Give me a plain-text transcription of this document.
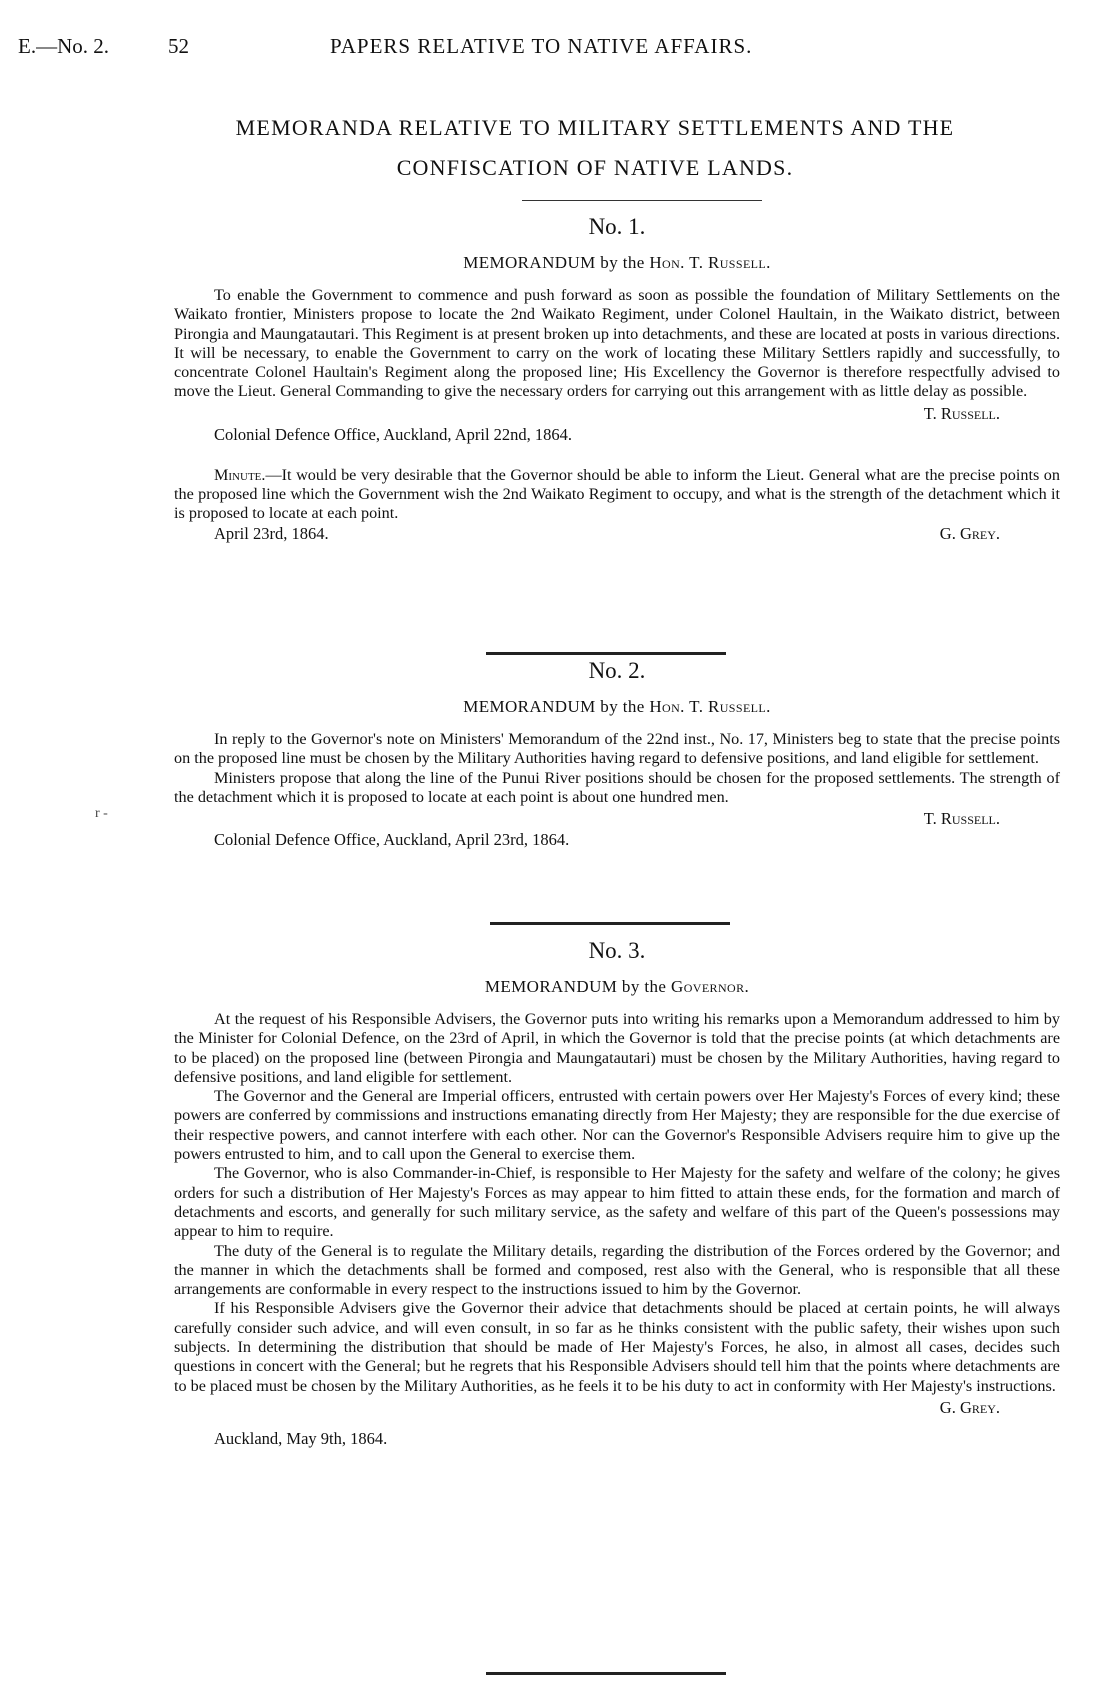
E.—No. 2.	52	PAPERS RELATIVE TO NATIVE AFFAIRS.
MEMORANDA RELATIVE TO MILITARY SETTLEMENTS AND THE
CONFISCATION OF NATIVE LANDS.

No. 1.

MEMORANDUM by the Hon. T. Russell.

To enable the Government to commence and push forward as soon as possible the foundation of Military Settlements on the Waikato frontier, Ministers propose to locate the 2nd Waikato Regiment, under Colonel Haultain, in the Waikato district, between Pirongia and Maungatautari. This Regiment is at present broken up into detachments, and these are located at posts in various directions. It will be necessary, to enable the Government to carry on the work of locating these Military Settlers rapidly and successfully, to concentrate Colonel Haultain's Regiment along the proposed line; His Excellency the Governor is therefore respectfully advised to move the Lieut. General Commanding to give the necessary orders for carrying out this arrangement with as little delay as possible.

T. Russell.
Colonial Defence Office, Auckland, April 22nd, 1864.

Minute.—It would be very desirable that the Governor should be able to inform the Lieut. General what are the precise points on the proposed line which the Government wish the 2nd Waikato Regiment to occupy, and what is the strength of the detachment which it is proposed to locate at each point.

April 23rd, 1864.	G. Grey.

No. 2.

MEMORANDUM by the Hon. T. Russell.

In reply to the Governor's note on Ministers' Memorandum of the 22nd inst., No. 17, Ministers beg to state that the precise points on the proposed line must be chosen by the Military Authorities having regard to defensive positions, and land eligible for settlement.

Ministers propose that along the line of the Punui River positions should be chosen for the proposed settlements. The strength of the detachment which it is proposed to locate at each point is about one hundred men.

T. Russell.
Colonial Defence Office, Auckland, April 23rd, 1864.
r -

No. 3.

MEMORANDUM by the Governor.

At the request of his Responsible Advisers, the Governor puts into writing his remarks upon a Memorandum addressed to him by the Minister for Colonial Defence, on the 23rd of April, in which the Governor is told that the precise points (at which detachments are to be placed) on the proposed line (between Pirongia and Maungatautari) must be chosen by the Military Authorities, having regard to defensive positions, and land eligible for settlement.

The Governor and the General are Imperial officers, entrusted with certain powers over Her Majesty's Forces of every kind; these powers are conferred by commissions and instructions emanating directly from Her Majesty; they are responsible for the due exercise of their respective powers, and cannot interfere with each other. Nor can the Governor's Responsible Advisers require him to give up the powers entrusted to him, and to call upon the General to exercise them.

The Governor, who is also Commander-in-Chief, is responsible to Her Majesty for the safety and welfare of the colony; he gives orders for such a distribution of Her Majesty's Forces as may appear to him fitted to attain these ends, for the formation and march of detachments and escorts, and generally for such military service, as the safety and welfare of this part of the Queen's possessions may appear to him to require.

The duty of the General is to regulate the Military details, regarding the distribution of the Forces ordered by the Governor; and the manner in which the detachments shall be formed and composed, rest also with the General, who is responsible that all these arrangements are conformable in every respect to the instructions issued to him by the Governor.

If his Responsible Advisers give the Governor their advice that detachments should be placed at certain points, he will always carefully consider such advice, and will even consult, in so far as he thinks consistent with the public safety, their wishes upon such subjects. In determining the distribution that should be made of Her Majesty's Forces, he also, in almost all cases, decides such questions in concert with the General; but he regrets that his Responsible Advisers should tell him that the points where detachments are to be placed must be chosen by the Military Authorities, as he feels it to be his duty to act in conformity with Her Majesty's instructions.

G. Grey.
Auckland, May 9th, 1864.
